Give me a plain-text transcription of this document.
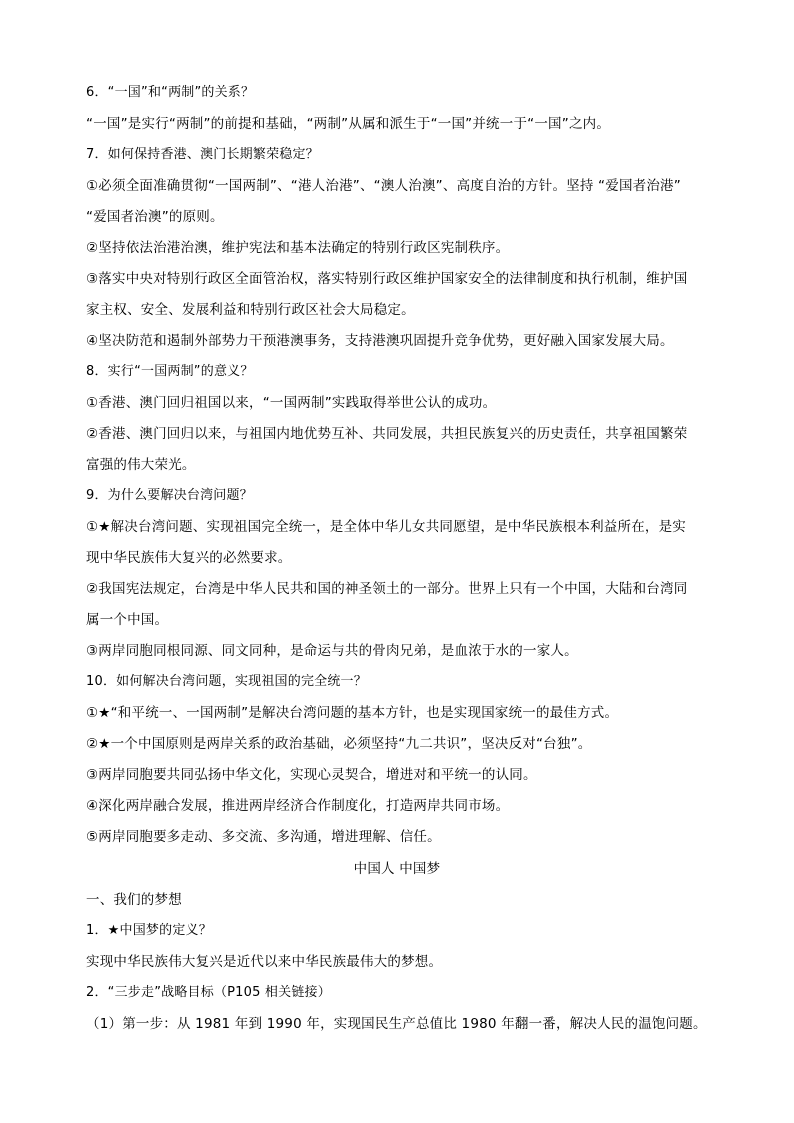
6．“一国”和“两制”的关系？
“一国”是实行“两制”的前提和基础，“两制”从属和派生于“一国”并统一于“一国”之内。
7．如何保持香港、澳门长期繁荣稳定？
①必须全面准确贯彻“一国两制”、“港人治港”、“澳人治澳”、高度自治的方针。坚持 “爱国者治港”
“爱国者治澳”的原则。
②坚持依法治港治澳，维护宪法和基本法确定的特别行政区宪制秩序。
③落实中央对特别行政区全面管治权，落实特别行政区维护国家安全的法律制度和执行机制，维护国
家主权、安全、发展利益和特别行政区社会大局稳定。
④坚决防范和遏制外部势力干预港澳事务，支持港澳巩固提升竞争优势，更好融入国家发展大局。
8．实行“一国两制”的意义？
①香港、澳门回归祖国以来，“一国两制”实践取得举世公认的成功。
②香港、澳门回归以来，与祖国内地优势互补、共同发展，共担民族复兴的历史责任，共享祖国繁荣
富强的伟大荣光。
9．为什么要解决台湾问题？
①★解决台湾问题、实现祖国完全统一，是全体中华儿女共同愿望，是中华民族根本利益所在，是实
现中华民族伟大复兴的必然要求。
②我国宪法规定，台湾是中华人民共和国的神圣领土的一部分。世界上只有一个中国，大陆和台湾同
属一个中国。
③两岸同胞同根同源、同文同种，是命运与共的骨肉兄弟，是血浓于水的一家人。
10．如何解决台湾问题，实现祖国的完全统一？
①★“和平统一、一国两制”是解决台湾问题的基本方针，也是实现国家统一的最佳方式。
②★一个中国原则是两岸关系的政治基础，必须坚持“九二共识”，坚决反对“台独”。
③两岸同胞要共同弘扬中华文化，实现心灵契合，增进对和平统一的认同。
④深化两岸融合发展，推进两岸经济合作制度化，打造两岸共同市场。
⑤两岸同胞要多走动、多交流、多沟通，增进理解、信任。
中国人 中国梦
一、我们的梦想
1．★中国梦的定义？
实现中华民族伟大复兴是近代以来中华民族最伟大的梦想。
2．“三步走”战略目标（P105 相关链接）
（1）第一步：从 1981 年到 1990 年，实现国民生产总值比 1980 年翻一番，解决人民的温饱问题。
